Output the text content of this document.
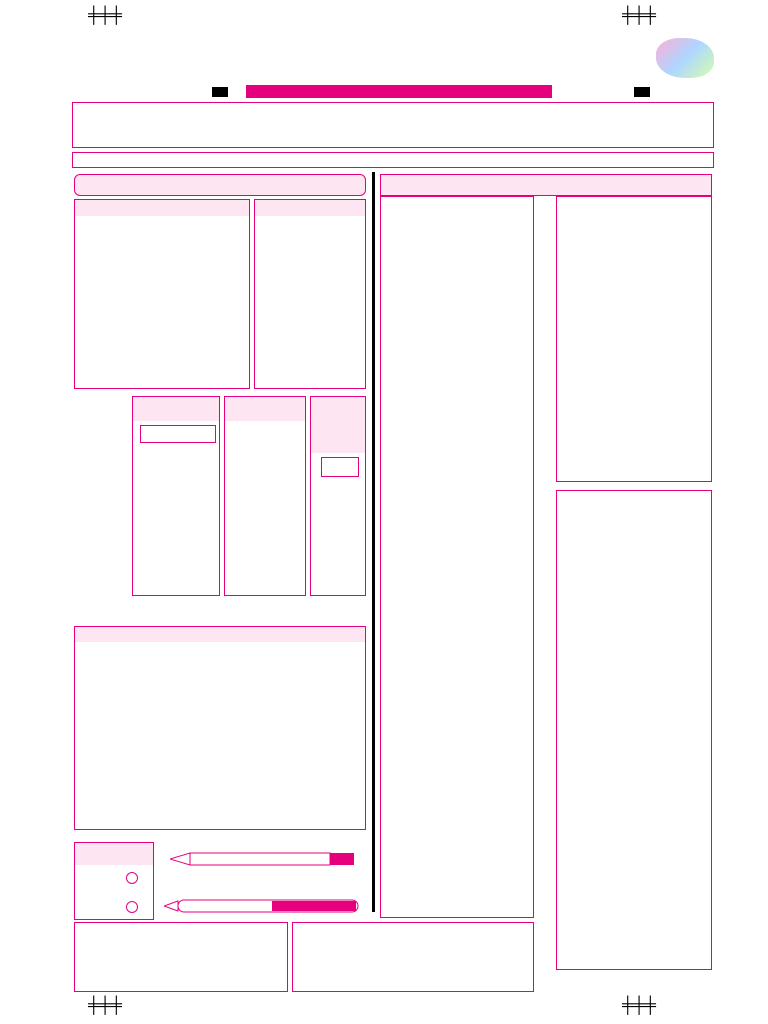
╪╪╪	╪╪╪
╪╪╪	╪╪╪
